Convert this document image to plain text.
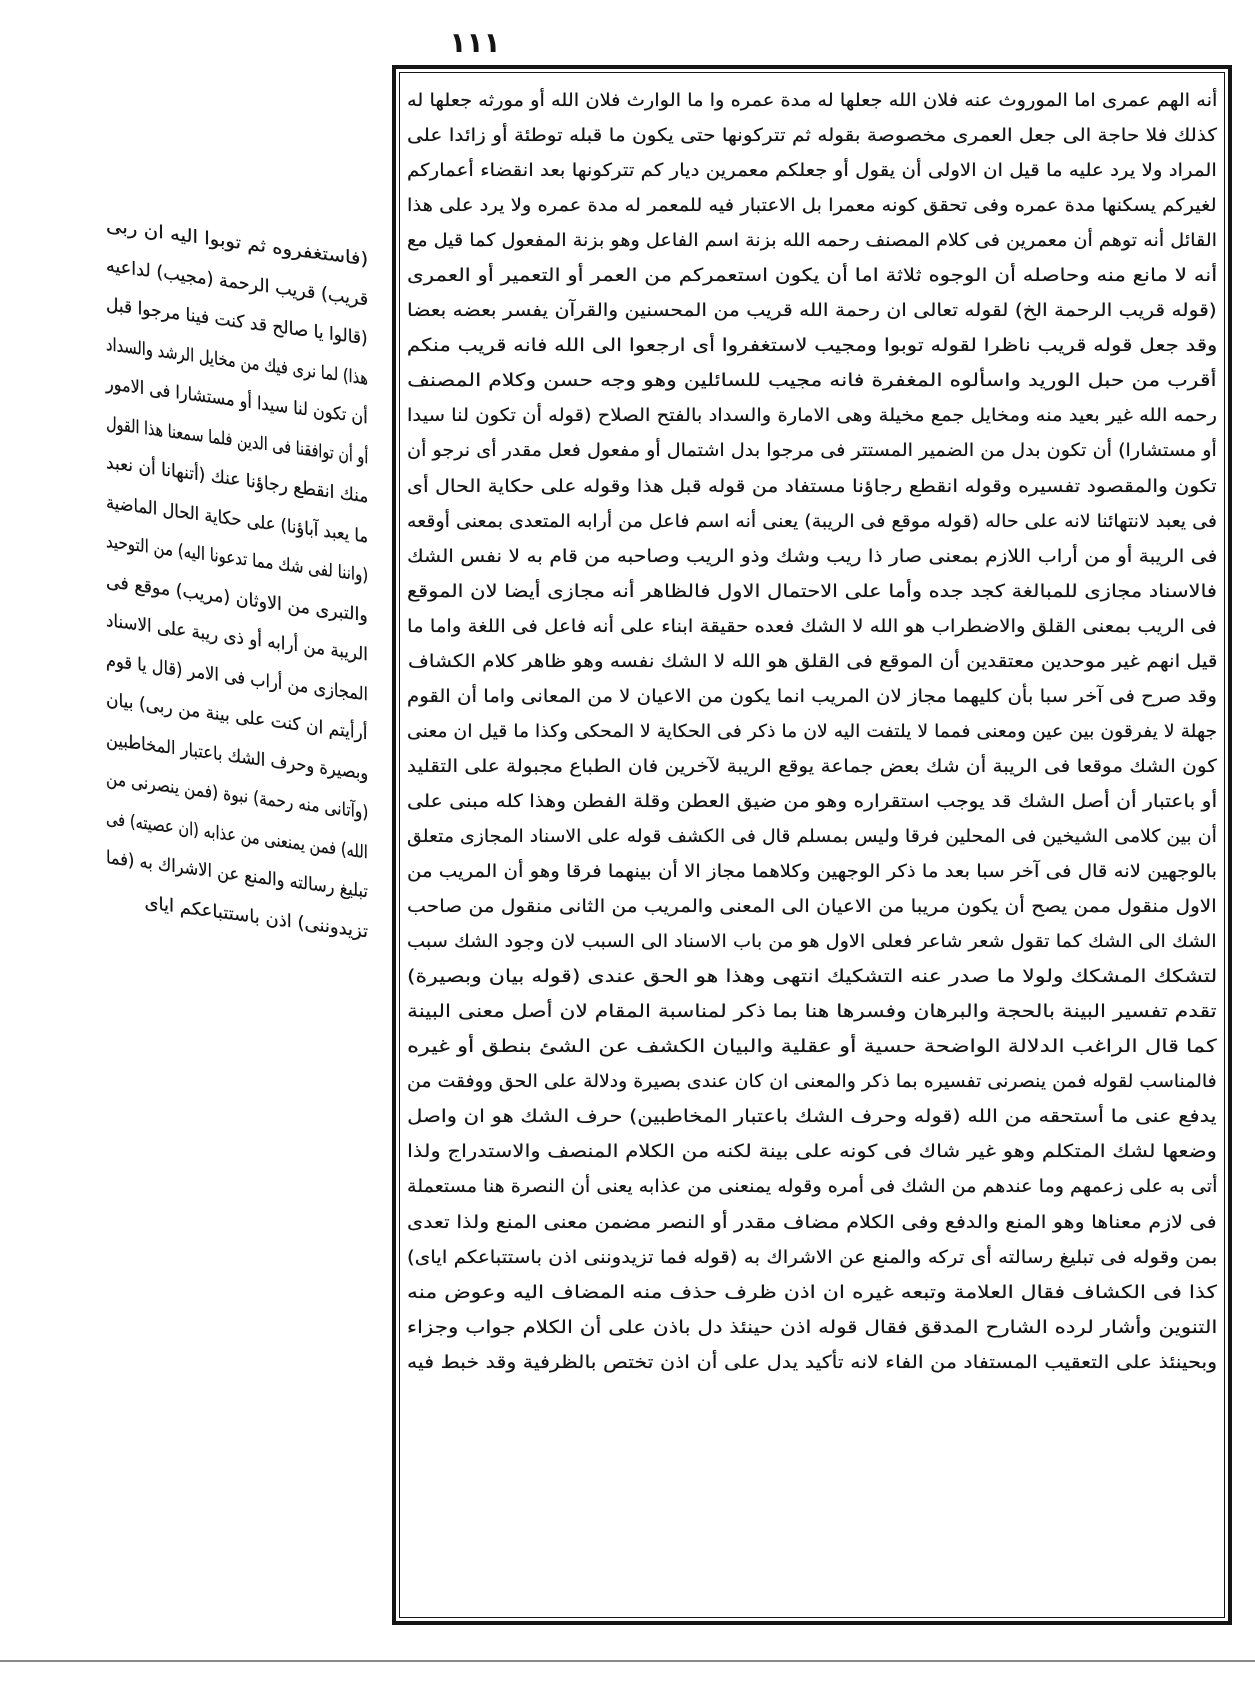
١١١
أنه الهم عمرى اما الموروث عنه فلان الله جعلها له مدة عمره وا ما الوارث فلان الله أو مورثه جعلها له
كذلك فلا حاجة الى جعل العمرى مخصوصة بقوله ثم تتركونها حتى يكون ما قبله توطئة أو زائدا على
المراد ولا يرد عليه ما قيل ان الاولى أن يقول أو جعلكم معمرين ديار كم تتركونها بعد انقضاء أعماركم
لغيركم يسكنها مدة عمره وفى تحقق كونه معمرا بل الاعتبار فيه للمعمر له مدة عمره ولا يرد على هذا
القائل أنه توهم أن معمرين فى كلام المصنف رحمه الله بزنة اسم الفاعل وهو بزنة المفعول كما قيل مع
أنه لا مانع منه وحاصله أن الوجوه ثلاثة اما أن يكون استعمركم من العمر أو التعمير أو العمرى
(قوله قريب الرحمة الخ) لقوله تعالى ان رحمة الله قريب من المحسنين والقرآن يفسر بعضه بعضا
وقد جعل قوله قريب ناظرا لقوله توبوا ومجيب لاستغفروا أى ارجعوا الى الله فانه قريب منكم
أقرب من حبل الوريد واسألوه المغفرة فانه مجيب للسائلين وهو وجه حسن وكلام المصنف
رحمه الله غير بعيد منه ومخايل جمع مخيلة وهى الامارة والسداد بالفتح الصلاح (قوله أن تكون لنا سيدا
أو مستشارا) أن تكون بدل من الضمير المستتر فى مرجوا بدل اشتمال أو مفعول فعل مقدر أى نرجو أن
تكون والمقصود تفسيره وقوله انقطع رجاؤنا مستفاد من قوله قبل هذا وقوله على حكاية الحال أى
فى يعبد لانتهائنا لانه على حاله (قوله موقع فى الريبة) يعنى أنه اسم فاعل من أرابه المتعدى بمعنى أوقعه
فى الريبة أو من أراب اللازم بمعنى صار ذا ريب وشك وذو الريب وصاحبه من قام به لا نفس الشك
فالاسناد مجازى للمبالغة كجد جده وأما على الاحتمال الاول فالظاهر أنه مجازى أيضا لان الموقع
فى الريب بمعنى القلق والاضطراب هو الله لا الشك فعده حقيقة ابناء على أنه فاعل فى اللغة واما ما
قيل انهم غير موحدين معتقدين أن الموقع فى القلق هو الله لا الشك نفسه وهو ظاهر كلام الكشاف
وقد صرح فى آخر سبا بأن كليهما مجاز لان المريب انما يكون من الاعيان لا من المعانى واما أن القوم
جهلة لا يفرقون بين عين ومعنى فمما لا يلتفت اليه لان ما ذكر فى الحكاية لا المحكى وكذا ما قيل ان معنى
كون الشك موقعا فى الريبة أن شك بعض جماعة يوقع الريبة لآخرين فان الطباع مجبولة على التقليد
أو باعتبار أن أصل الشك قد يوجب استقراره وهو من ضيق العطن وقلة الفطن وهذا كله مبنى على
أن بين كلامى الشيخين فى المحلين فرقا وليس بمسلم قال فى الكشف قوله على الاسناد المجازى متعلق
بالوجهين لانه قال فى آخر سبا بعد ما ذكر الوجهين وكلاهما مجاز الا أن بينهما فرقا وهو أن المريب من
الاول منقول ممن يصح أن يكون مريبا من الاعيان الى المعنى والمريب من الثانى منقول من صاحب
الشك الى الشك كما تقول شعر شاعر فعلى الاول هو من باب الاسناد الى السبب لان وجود الشك سبب
لتشكك المشكك ولولا ما صدر عنه التشكيك انتهى وهذا هو الحق عندى (قوله بيان وبصيرة)
تقدم تفسير البينة بالحجة والبرهان وفسرها هنا بما ذكر لمناسبة المقام لان أصل معنى البينة
كما قال الراغب الدلالة الواضحة حسية أو عقلية والبيان الكشف عن الشئ بنطق أو غيره
فالمناسب لقوله فمن ينصرنى تفسيره بما ذكر والمعنى ان كان عندى بصيرة ودلالة على الحق ووفقت من
يدفع عنى ما أستحقه من الله (قوله وحرف الشك باعتبار المخاطبين) حرف الشك هو ان واصل
وضعها لشك المتكلم وهو غير شاك فى كونه على بينة لكنه من الكلام المنصف والاستدراج ولذا
أتى به على زعمهم وما عندهم من الشك فى أمره وقوله يمنعنى من عذابه يعنى أن النصرة هنا مستعملة
فى لازم معناها وهو المنع والدفع وفى الكلام مضاف مقدر أو النصر مضمن معنى المنع ولذا تعدى
بمن وقوله فى تبليغ رسالته أى تركه والمنع عن الاشراك به (قوله فما تزيدوننى اذن باستتباعكم اياى)
كذا فى الكشاف فقال العلامة وتبعه غيره ان اذن ظرف حذف منه المضاف اليه وعوض منه
التنوين وأشار لرده الشارح المدقق فقال قوله اذن حينئذ دل باذن على أن الكلام جواب وجزاء
وبحينئذ على التعقيب المستفاد من الفاء لانه تأكيد يدل على أن اذن تختص بالظرفية وقد خبط فيه
(فاستغفروه ثم توبوا اليه ان ربى
قريب) قريب الرحمة (مجيب) لداعيه
(قالوا يا صالح قد كنت فينا مرجوا قبل
هذا) لما نرى فيك من مخايل الرشد والسداد
أن تكون لنا سيدا أو مستشارا فى الامور
أو أن توافقنا فى الدين فلما سمعنا هذا القول
منك انقطع رجاؤنا عنك (أتنهانا أن نعبد
ما يعبد آباؤنا) على حكاية الحال الماضية
(واننا لفى شك مما تدعونا اليه) من التوحيد
والتبرى من الاوثان (مريب) موقع فى
الريبة من أرابه أو ذى ريبة على الاسناد
المجازى من أراب فى الامر (قال يا قوم
أرأيتم ان كنت على بينة من ربى) بيان
وبصيرة وحرف الشك باعتبار المخاطبين
(وآتانى منه رحمة) نبوة (فمن ينصرنى من
الله) فمن يمنعنى من عذابه (ان عصيته) فى
تبليغ رسالته والمنع عن الاشراك به (فما
تزيدوننى) اذن باستتباعكم اياى
